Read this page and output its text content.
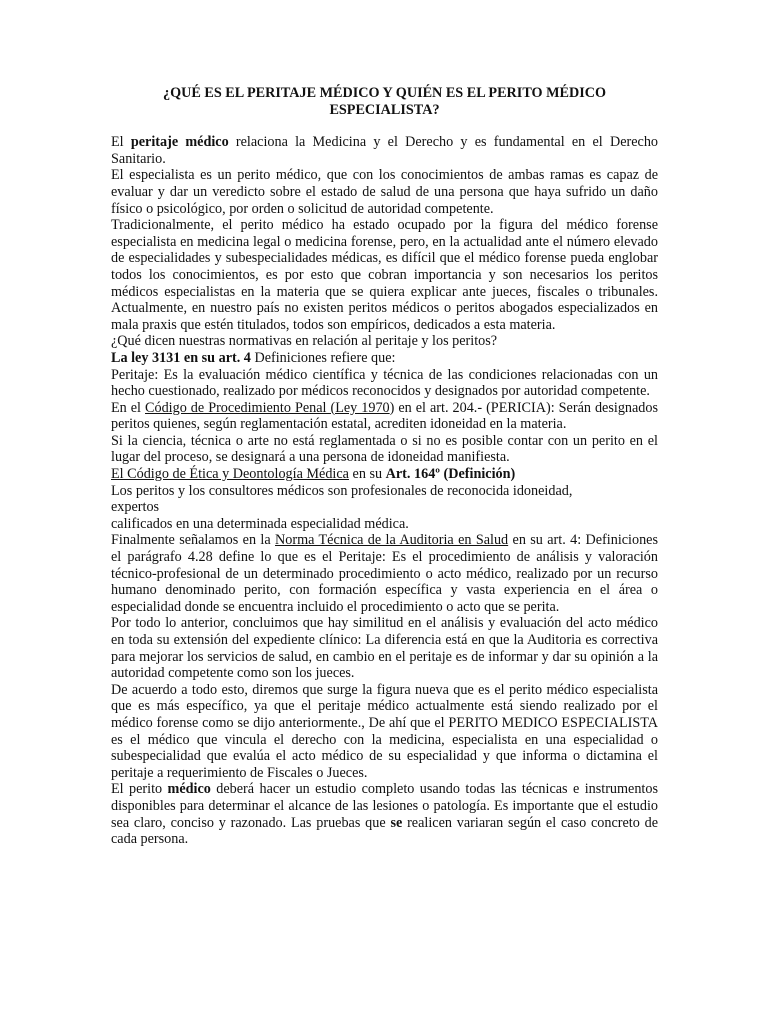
¿QUÉ ES EL PERITAJE MÉDICO Y QUIÉN ES EL PERITO MÉDICO ESPECIALISTA?

El peritaje médico relaciona la Medicina y el Derecho y es fundamental en el Derecho Sanitario.

El especialista es un perito médico, que con los conocimientos de ambas ramas es capaz de evaluar y dar un veredicto sobre el estado de salud de una persona que haya sufrido un daño físico o psicológico, por orden o solicitud de autoridad competente.

Tradicionalmente, el perito médico ha estado ocupado por la figura del médico forense especialista en medicina legal o medicina forense, pero, en la actualidad ante el número elevado de especialidades y subespecialidades médicas, es difícil que el médico forense pueda englobar todos los conocimientos, es por esto que cobran importancia y son necesarios los peritos médicos especialistas en la materia que se quiera explicar ante jueces, fiscales o tribunales. Actualmente, en nuestro país no existen peritos médicos o peritos abogados especializados en mala praxis que estén titulados, todos son empíricos, dedicados a esta materia.

¿Qué dicen nuestras normativas en relación al peritaje y los peritos?

La ley 3131 en su art. 4 Definiciones refiere que:

Peritaje: Es la evaluación médico científica y técnica de las condiciones relacionadas con un hecho cuestionado, realizado por médicos reconocidos y designados por autoridad competente.

En el Código de Procedimiento Penal (Ley 1970) en el art. 204.- (PERICIA): Serán designados peritos quienes, según reglamentación estatal, acrediten idoneidad en la materia.

Si la ciencia, técnica o arte no está reglamentada o si no es posible contar con un perito en el lugar del proceso, se designará a una persona de idoneidad manifiesta.

El Código de Ética y Deontología Médica en su Art. 164º (Definición)

Los peritos y los consultores médicos son profesionales de reconocida idoneidad,
expertos
calificados en una determinada especialidad médica.

Finalmente señalamos en la Norma Técnica de la Auditoria en Salud en su art. 4: Definiciones el parágrafo 4.28 define lo que es el Peritaje: Es el procedimiento de análisis y valoración técnico-profesional de un determinado procedimiento o acto médico, realizado por un recurso humano denominado perito, con formación específica y vasta experiencia en el área o especialidad donde se encuentra incluido el procedimiento o acto que se perita.

Por todo lo anterior, concluimos que hay similitud en el análisis y evaluación del acto médico en toda su extensión del expediente clínico: La diferencia está en que la Auditoria es correctiva para mejorar los servicios de salud, en cambio en el peritaje es de informar y dar su opinión a la autoridad competente como son los jueces.

De acuerdo a todo esto, diremos que surge la figura nueva que es el perito médico especialista que es más específico, ya que el peritaje médico actualmente está siendo realizado por el médico forense como se dijo anteriormente., De ahí que el PERITO MEDICO ESPECIALISTA es el médico que vincula el derecho con la medicina, especialista en una especialidad o subespecialidad que evalúa el acto médico de su especialidad y que informa o dictamina el peritaje a requerimiento de Fiscales o Jueces.

El perito médico deberá hacer un estudio completo usando todas las técnicas e instrumentos disponibles para determinar el alcance de las lesiones o patología. Es importante que el estudio sea claro, conciso y razonado. Las pruebas que se realicen variaran según el caso concreto de cada persona.
